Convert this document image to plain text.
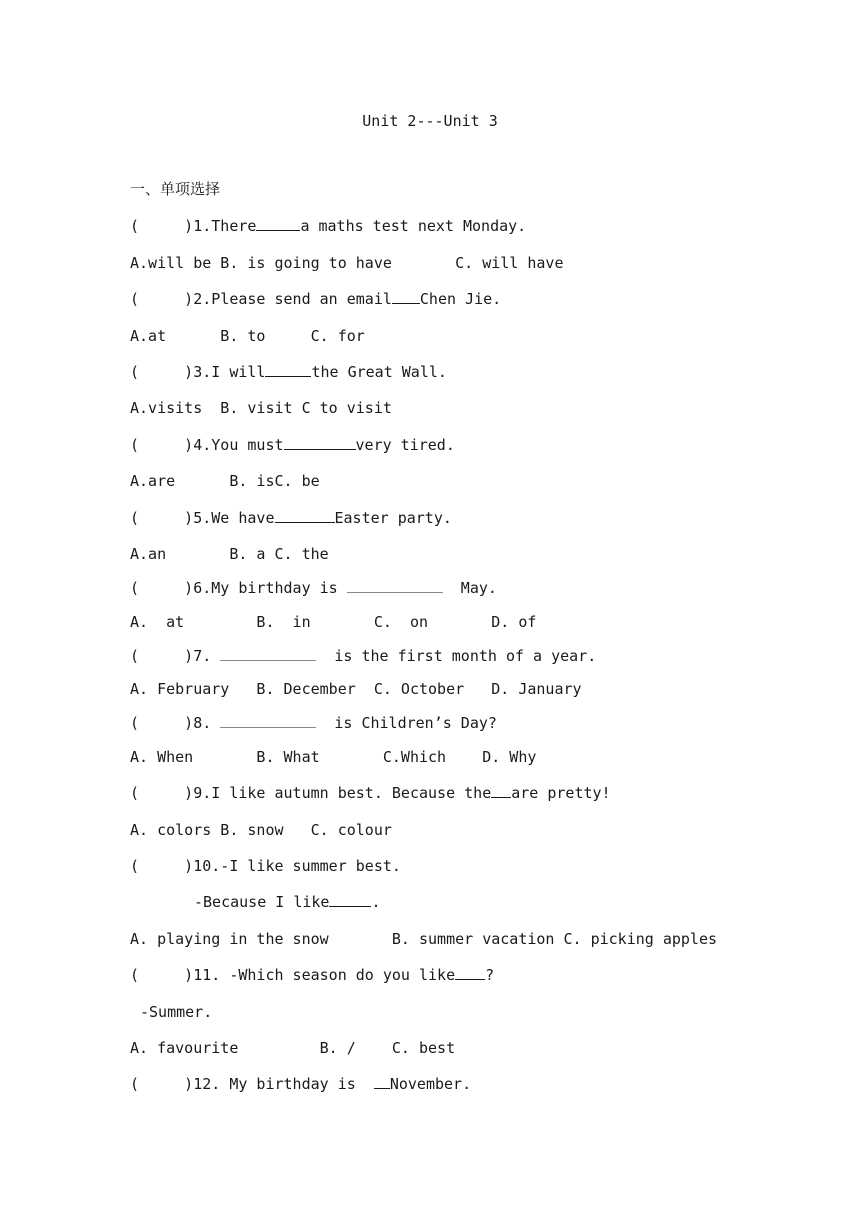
Unit 2---Unit 3
一、单项选择
(     )1.There	a maths test next Monday.
A.will be B. is going to have       C. will have
(     )2.Please send an email Chen Jie.
A.at      B. to     C. for
(     )3.I will	the Great Wall.
A.visits  B. visit C to visit
(     )4.You must	very tired.
A.are      B. isC. be
(     )5.We have	Easter party.
A.an       B. a C. the
(     )6.My birthday is	May.
A.  at        B.  in       C.  on       D. of
(     )7.	is the first month of a year.
A. February   B. December  C. October   D. January
(     )8.	is Children’s Day?
A. When       B. What       C.Which    D. Why
(     )9.I like autumn best. Because the are pretty!
A. colors B. snow   C. colour
(     )10.-I like summer best.
-Because I like	.
A. playing in the snow       B. summer vacation C. picking apples
(     )11. -Which season do you like ?
-Summer.
A. favourite         B. /    C. best
(     )12. My birthday is  November.
